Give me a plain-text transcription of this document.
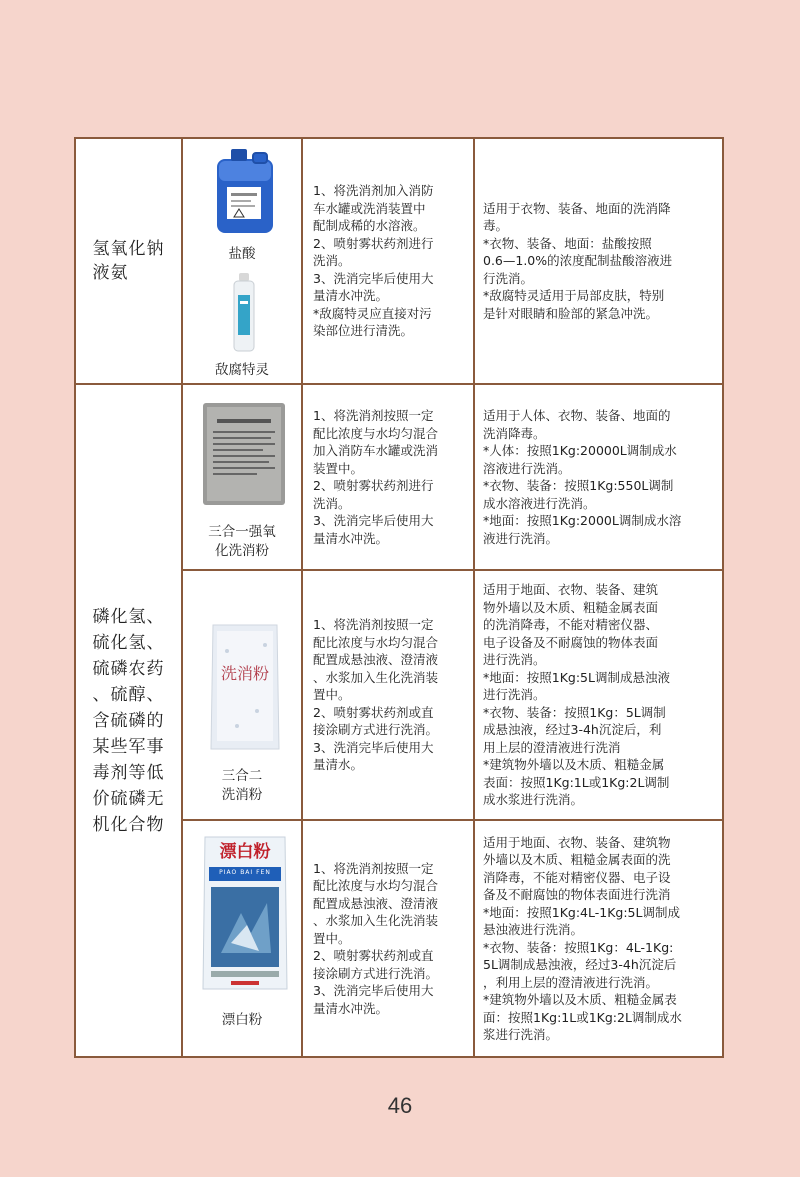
氢氧化钠
液氨
盐酸
敌腐特灵
1、将洗消剂加入消防
车水罐或洗消装置中
配制成稀的水溶液。
2、喷射雾状药剂进行
洗消。
3、洗消完毕后使用大
量清水冲洗。
*敌腐特灵应直接对污
染部位进行清洗。
适用于衣物、装备、地面的洗消降
毒。
*衣物、装备、地面：盐酸按照
0.6—1.0%的浓度配制盐酸溶液进
行洗消。
*敌腐特灵适用于局部皮肤，特别
是针对眼睛和脸部的紧急冲洗。
磷化氢、
硫化氢、
硫磷农药
、硫醇、
含硫磷的
某些军事
毒剂等低
价硫磷无
机化合物
三合一强氧
化洗消粉
1、将洗消剂按照一定
配比浓度与水均匀混合
加入消防车水罐或洗消
装置中。
2、喷射雾状药剂进行
洗消。
3、洗消完毕后使用大
量清水冲洗。
适用于人体、衣物、装备、地面的
洗消降毒。
*人体：按照1Kg:20000L调制成水
溶液进行洗消。
*衣物、装备：按照1Kg:550L调制
成水溶液进行洗消。
*地面：按照1Kg:2000L调制成水溶
液进行洗消。
洗消粉
三合二
洗消粉
1、将洗消剂按照一定
配比浓度与水均匀混合
配置成悬浊液、澄清液
、水浆加入生化洗消装
置中。
2、喷射雾状药剂或直
接涂刷方式进行洗消。
3、洗消完毕后使用大
量清水。
适用于地面、衣物、装备、建筑
物外墙以及木质、粗糙金属表面
的洗消降毒，不能对精密仪器、
电子设备及不耐腐蚀的物体表面
进行洗消。
*地面：按照1Kg:5L调制成悬浊液
进行洗消。
*衣物、装备：按照1Kg：5L调制
成悬浊液，经过3-4h沉淀后，利
用上层的澄清液进行洗消
*建筑物外墙以及木质、粗糙金属
表面：按照1Kg:1L或1Kg:2L调制
成水浆进行洗消。
漂白粉
PIAO BAI FEN
漂白粉
1、将洗消剂按照一定
配比浓度与水均匀混合
配置成悬浊液、澄清液
、水浆加入生化洗消装
置中。
2、喷射雾状药剂或直
接涂刷方式进行洗消。
3、洗消完毕后使用大
量清水冲洗。
适用于地面、衣物、装备、建筑物
外墙以及木质、粗糙金属表面的洗
消降毒，不能对精密仪器、电子设
备及不耐腐蚀的物体表面进行洗消
*地面：按照1Kg:4L-1Kg:5L调制成
悬浊液进行洗消。
*衣物、装备：按照1Kg：4L-1Kg:
5L调制成悬浊液，经过3-4h沉淀后
，利用上层的澄清液进行洗消。
*建筑物外墙以及木质、粗糙金属表
面：按照1Kg:1L或1Kg:2L调制成水
浆进行洗消。
46
